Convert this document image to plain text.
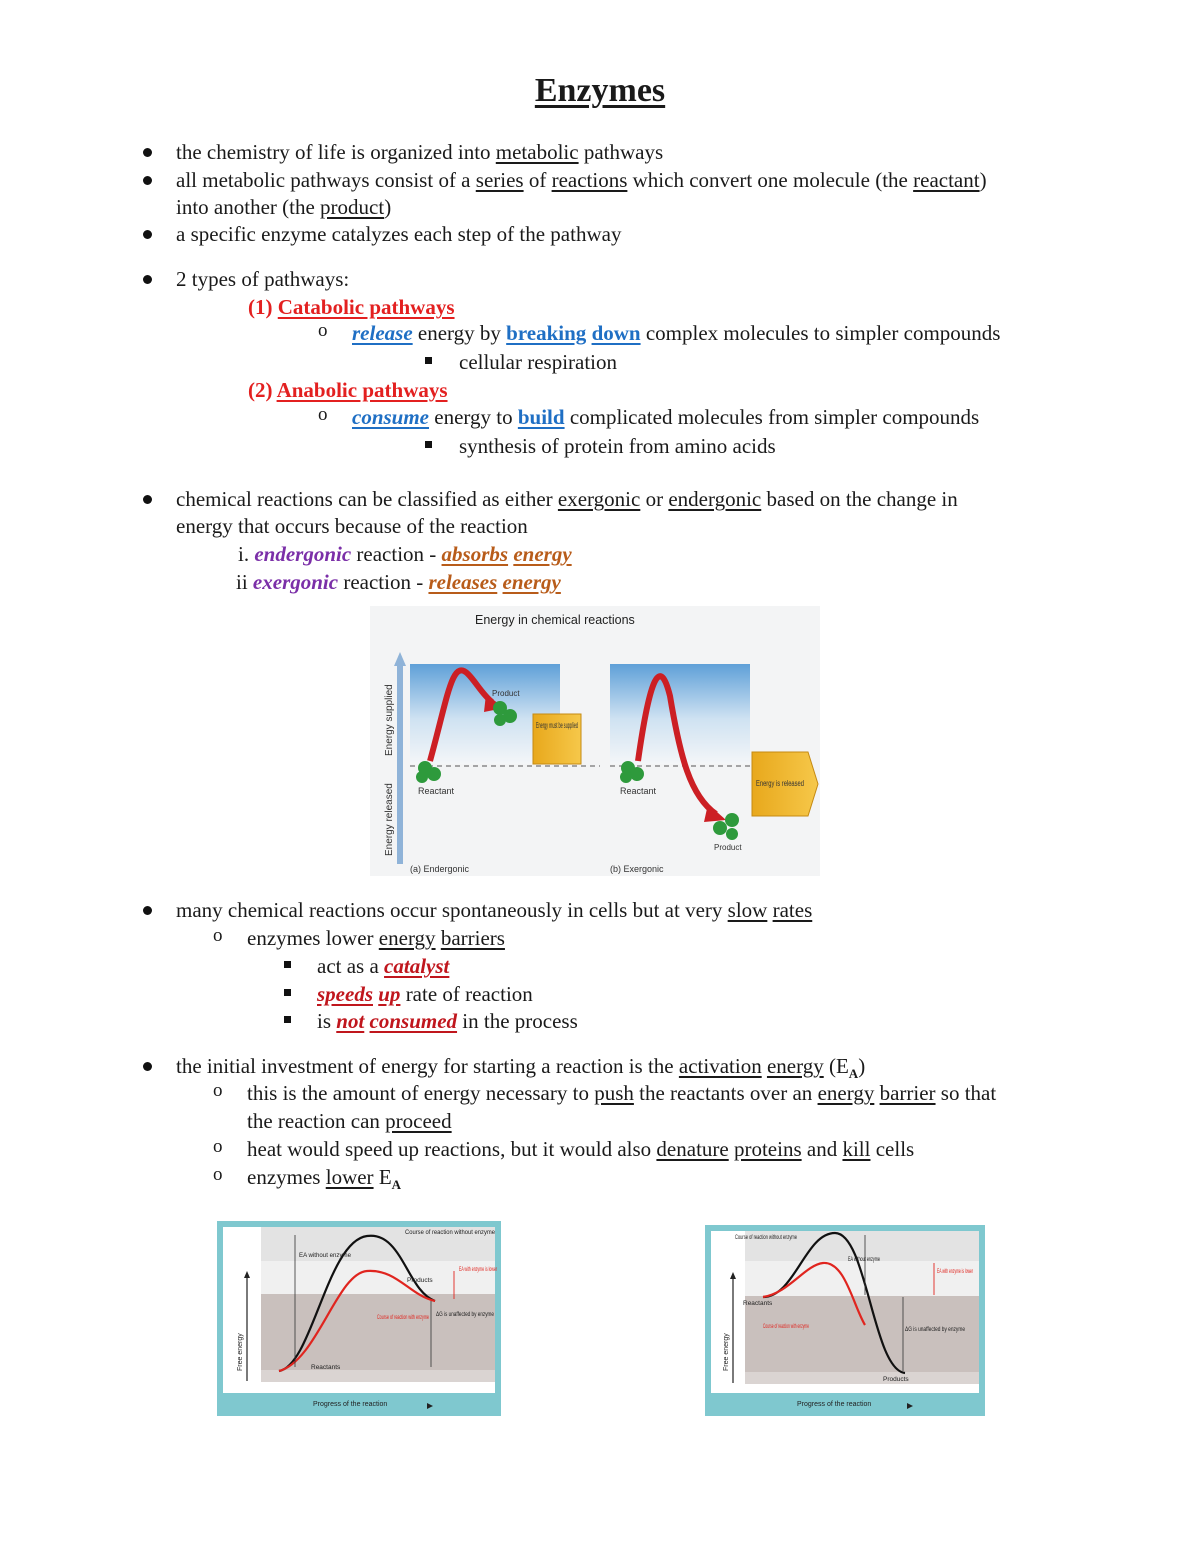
Enzymes
the chemistry of life is organized into metabolic pathways
all metabolic pathways consist of a series of reactions which convert one molecule (the reactant)
into another (the product)
a specific enzyme catalyzes each step of the pathway
2 types of pathways:
(1) Catabolic pathways
o release energy by breaking down complex molecules to simpler compounds
cellular respiration
(2) Anabolic pathways
o consume energy to build complicated molecules from simpler compounds
synthesis of protein from amino acids
chemical reactions can be classified as either exergonic or endergonic based on the change in
energy that occurs because of the reaction
i. endergonic reaction - absorbs energy
ii exergonic reaction - releases energy
Energy in chemical reactions
Energy supplied
Energy released
Product
Reactant
Energy must be supplied
(a) Endergonic
Reactant
Product
Energy is released
(b) Exergonic
many chemical reactions occur spontaneously in cells but at very slow rates
o enzymes lower energy barriers
act as a catalyst
speeds up rate of reaction
is not consumed in the process
the initial investment of energy for starting a reaction is the activation energy $(E_A)$
o this is the amount of energy necessary to push the reactants over an energy barrier so that
the reaction can proceed
o heat would speed up reactions, but it would also denature proteins and kill cells
o enzymes lower $E_A$
Free energy
Course of reaction without enzyme
EA without enzyme
EA with enzyme is lower
Products
Course of reaction with enzyme ΔG is unaffected by enzyme
Reactants
Progress of the reaction
Free energy
Course of reaction without enzyme
EA without enzyme
EA with enzyme is lower
Reactants
Course of reaction with enzyme	ΔG is unaffected by enzyme
Products
Progress of the reaction
